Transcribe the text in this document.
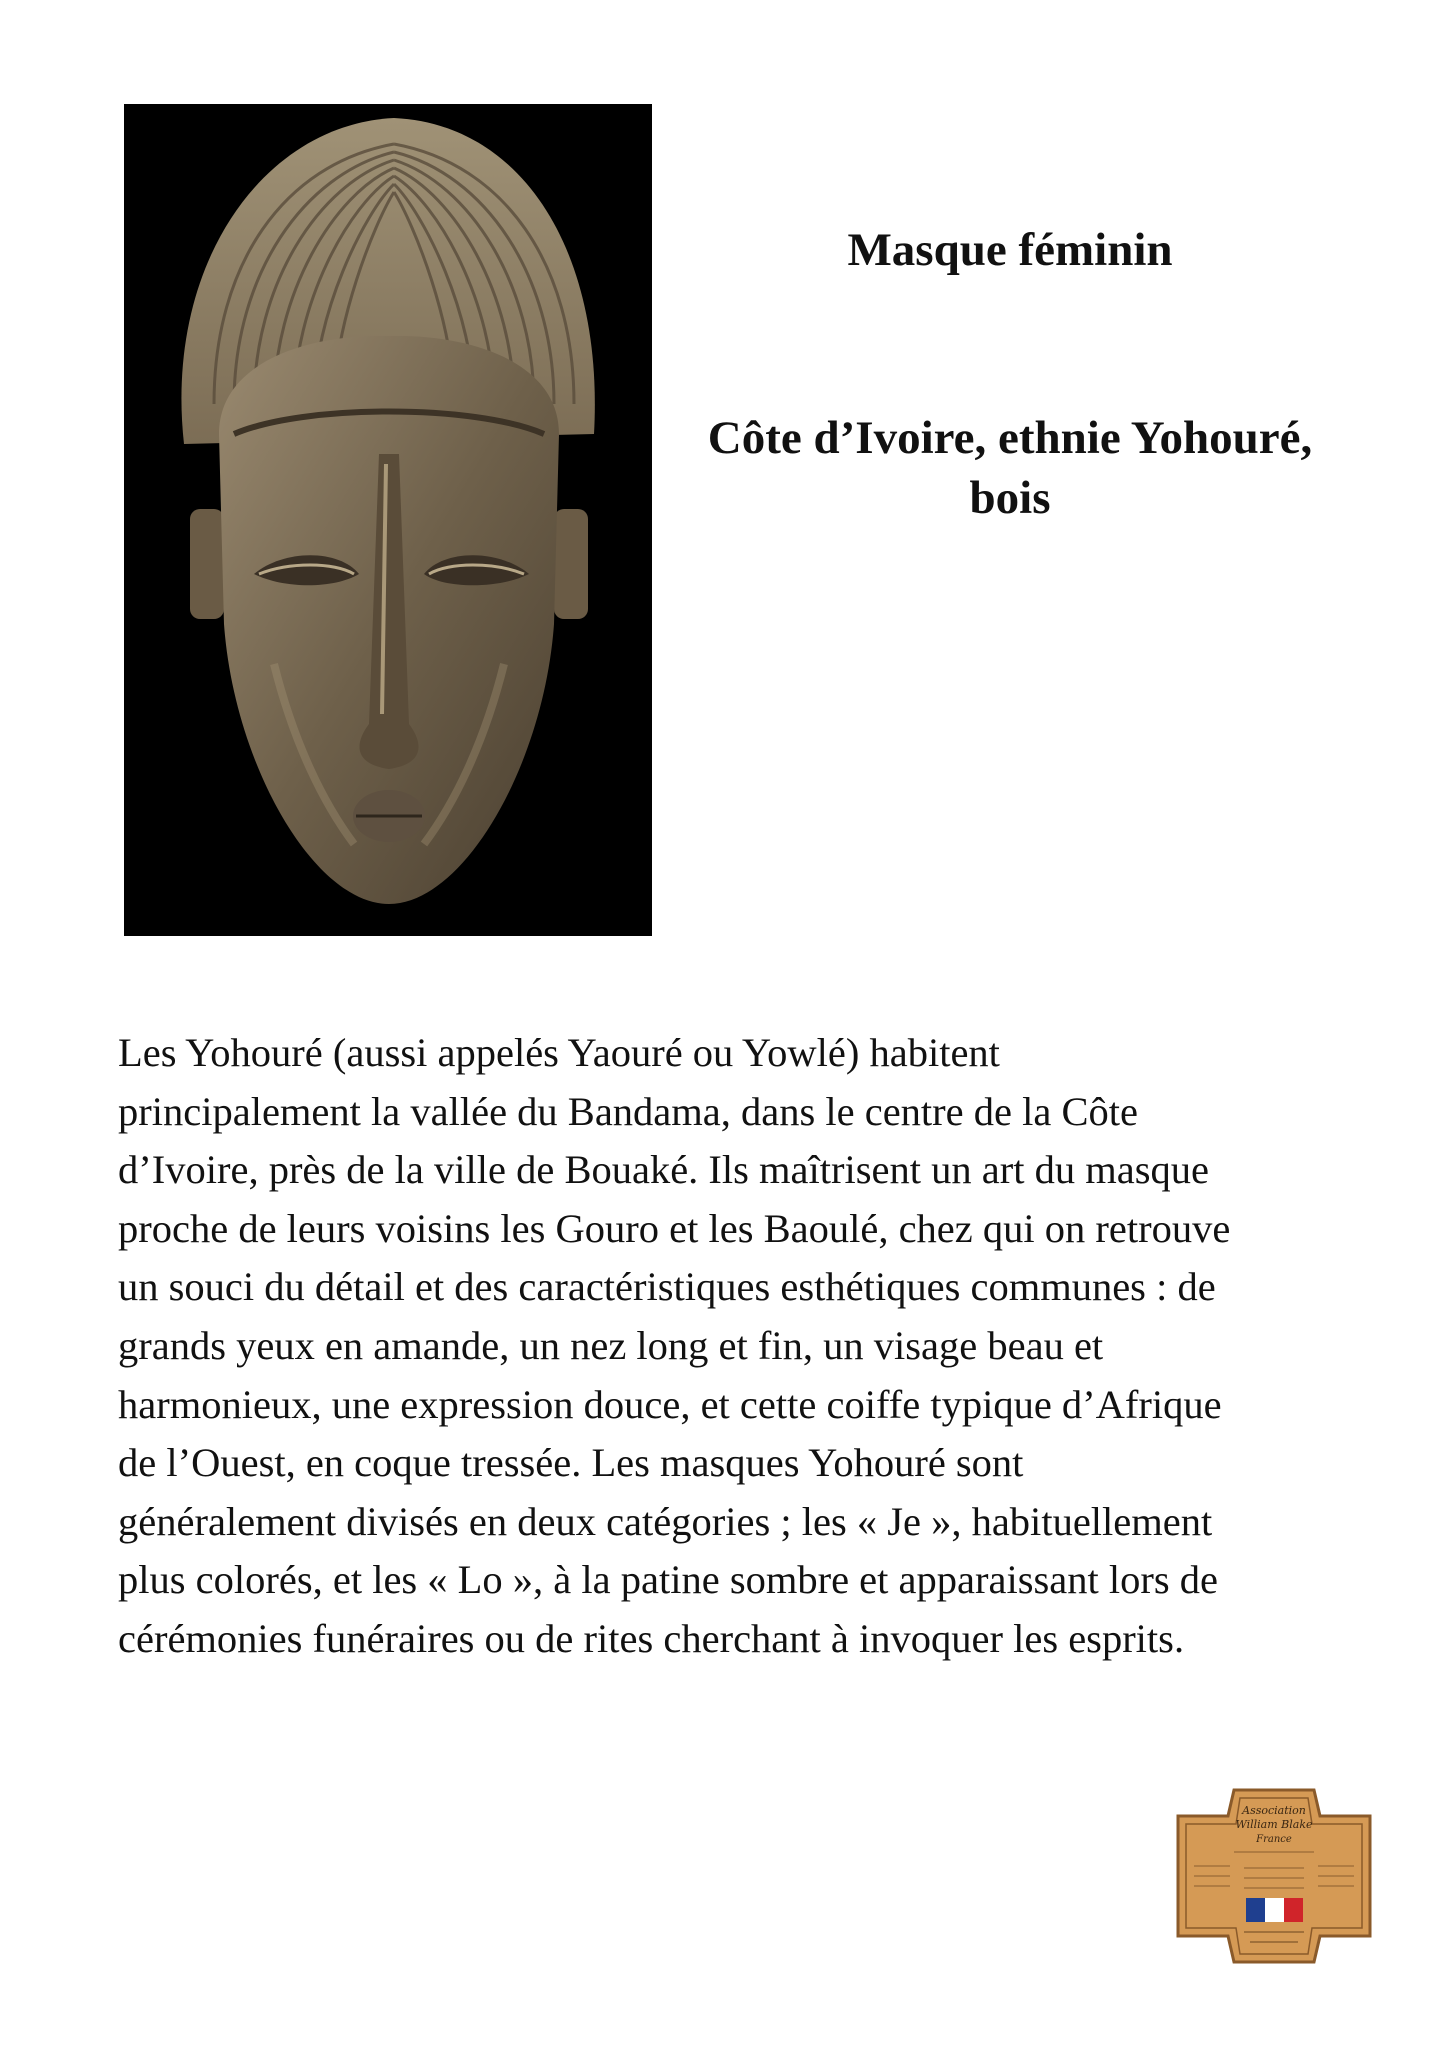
Masque féminin
Côte d’Ivoire, ethnie Yohouré,
bois

Les Yohouré (aussi appelés Yaouré ou Yowlé) habitent
principalement la vallée du Bandama, dans le centre de la Côte
d’Ivoire, près de la ville de Bouaké. Ils maîtrisent un art du masque
proche de leurs voisins les Gouro et les Baoulé, chez qui on retrouve
un souci du détail et des caractéristiques esthétiques communes : de
grands yeux en amande, un nez long et fin, un visage beau et
harmonieux, une expression douce, et cette coiffe typique d’Afrique
de l’Ouest, en coque tressée. Les masques Yohouré sont
généralement divisés en deux catégories ; les « Je », habituellement
plus colorés, et les « Lo », à la patine sombre et apparaissant lors de
cérémonies funéraires ou de rites cherchant à invoquer les esprits.

Association
William Blake
France
